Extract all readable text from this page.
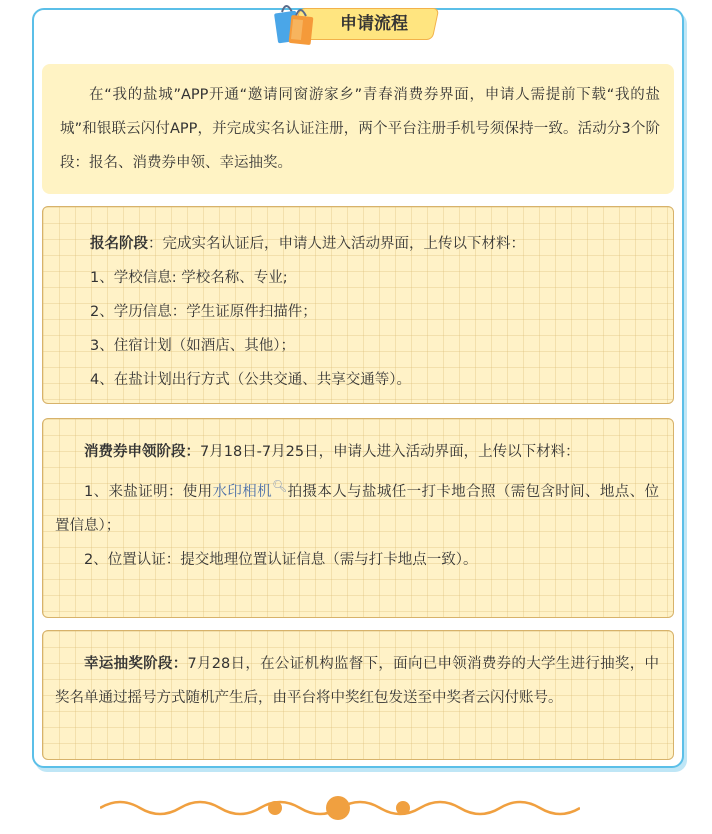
申请流程

在“我的盐城”APP开通“邀请同窗游家乡”青春消费券界面，申请人需提前下载“我的盐城”和银联云闪付APP，并完成实名认证注册，两个平台注册手机号须保持一致。活动分3个阶段：报名、消费券申领、幸运抽奖。

报名阶段：完成实名认证后，申请人进入活动界面，上传以下材料：

1、学校信息: 学校名称、专业;

2、学历信息：学生证原件扫描件；

3、住宿计划（如酒店、其他）；

4、在盐计划出行方式（公共交通、共享交通等）。

消费券申领阶段：7月18日-7月25日，申请人进入活动界面，上传以下材料：

1、来盐证明：使用水印相机🔍︎拍摄本人与盐城任一打卡地合照（需包含时间、地点、位置信息）；

2、位置认证：提交地理位置认证信息（需与打卡地点一致）。

幸运抽奖阶段：7月28日，在公证机构监督下，面向已申领消费券的大学生进行抽奖，中奖名单通过摇号方式随机产生后，由平台将中奖红包发送至中奖者云闪付账号。
